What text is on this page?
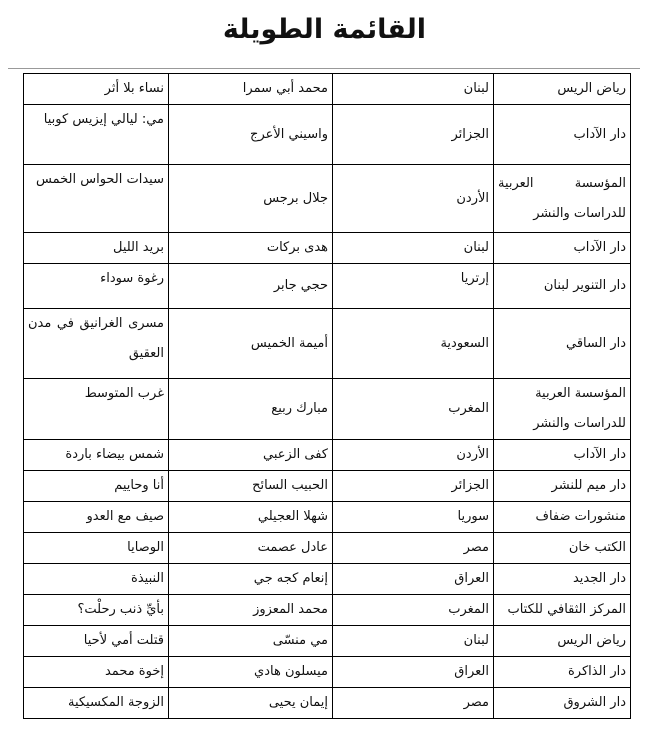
القائمة الطويلة
رياض الريس	لبنان	محمد أبي سمرا	نساء بلا أثر
دار الآداب	الجزائر	واسيني الأعرج	مي: ليالي إيزيس كوبيا
المؤسسة العربية للدراسات والنشر	الأردن	جلال برجس	سيدات الحواس الخمس
دار الآداب	لبنان	هدى بركات	بريد الليل
دار التنوير لبنان	إرتريا	حجي جابر	رغوة سوداء
دار الساقي	السعودية	أميمة الخميس	مسرى الغرانيق في مدن العقيق
المؤسسة العربية للدراسات والنشر	المغرب	مبارك ربيع	غرب المتوسط
دار الآداب	الأردن	كفى الزعبي	شمس بيضاء باردة
دار ميم للنشر	الجزائر	الحبيب السائح	أنا وحاييم
منشورات ضفاف	سوريا	شهلا العجيلي	صيف مع العدو
الكتب خان	مصر	عادل عصمت	الوصايا
دار الجديد	العراق	إنعام كجه جي	النبيذة
المركز الثقافي للكتاب	المغرب	محمد المعزوز	بأيِّ ذنب رحلْت؟
رياض الريس	لبنان	مي منسّى	قتلت أمي لأحيا
دار الذاكرة	العراق	ميسلون هادي	إخوة محمد
دار الشروق	مصر	إيمان يحيى	الزوجة المكسيكية
